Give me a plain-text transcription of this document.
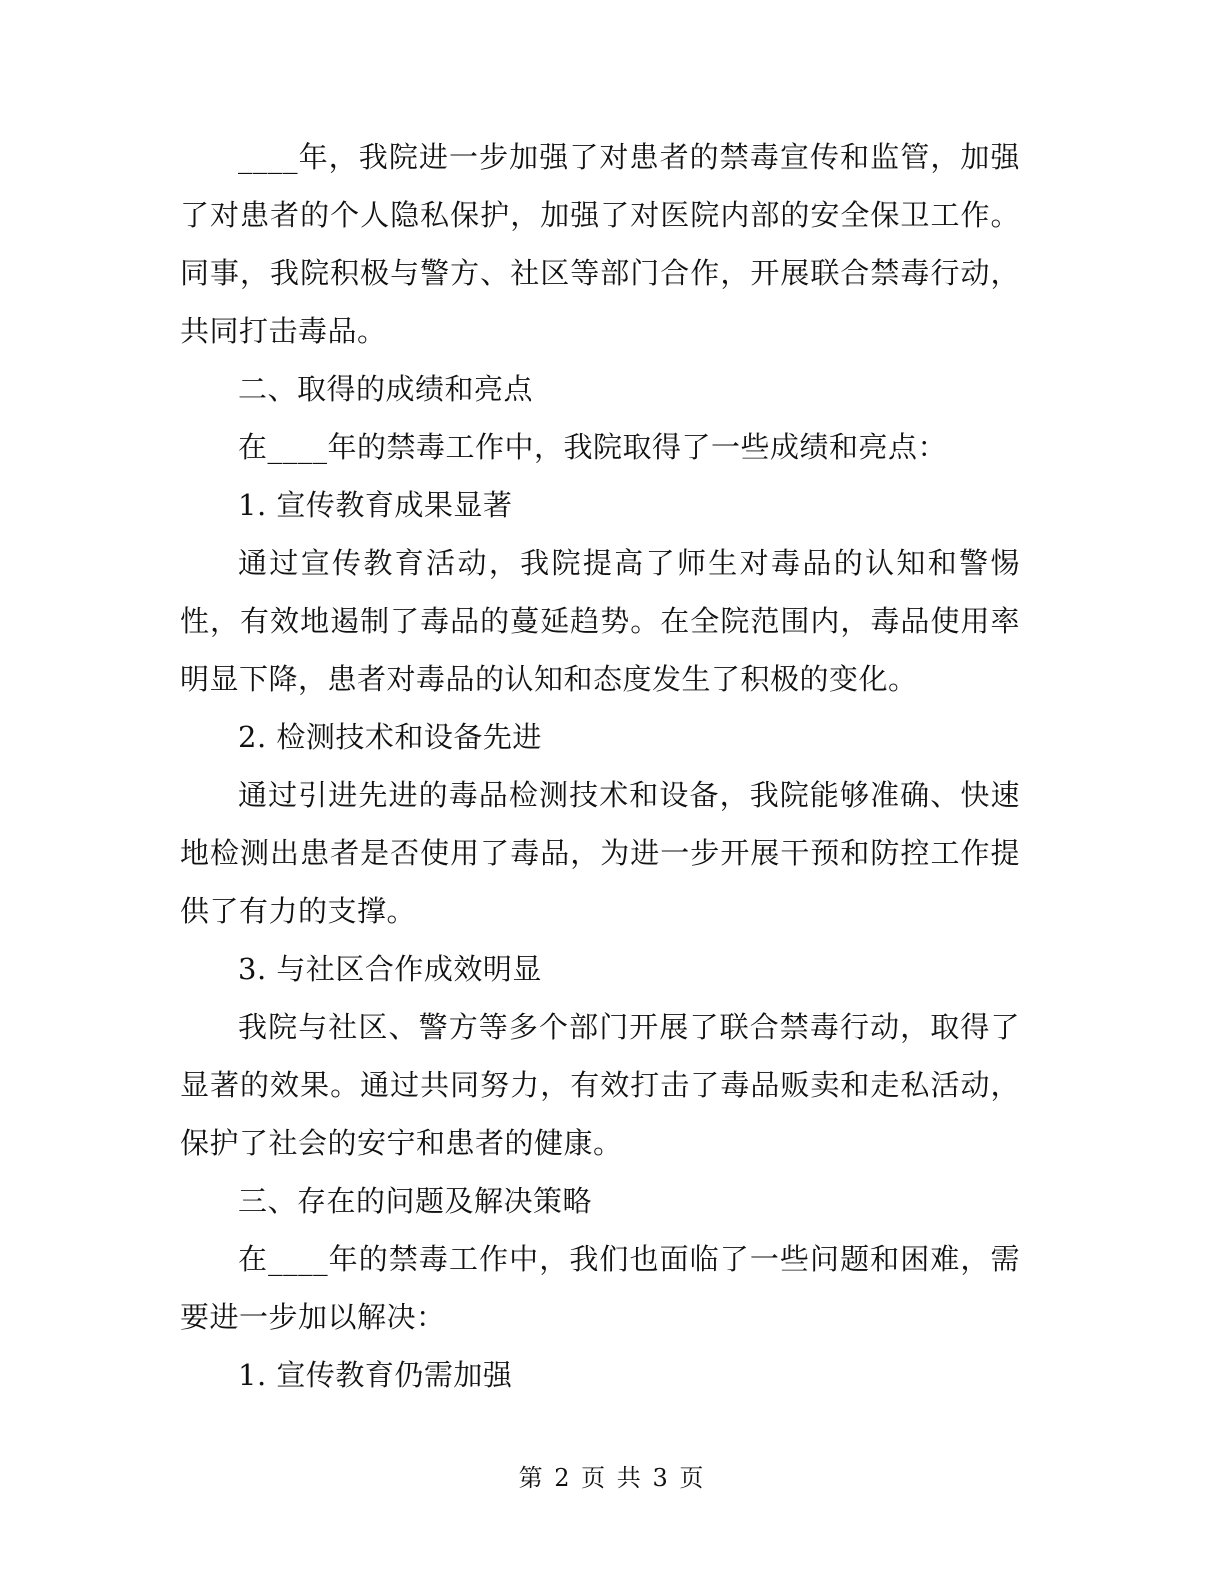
____年，我院进一步加强了对患者的禁毒宣传和监管，加强了对患者的个人隐私保护，加强了对医院内部的安全保卫工作。同事，我院积极与警方、社区等部门合作，开展联合禁毒行动，共同打击毒品。

二、取得的成绩和亮点

在____年的禁毒工作中，我院取得了一些成绩和亮点：

1. 宣传教育成果显著

通过宣传教育活动，我院提高了师生对毒品的认知和警惕性，有效地遏制了毒品的蔓延趋势。在全院范围内，毒品使用率明显下降，患者对毒品的认知和态度发生了积极的变化。

2. 检测技术和设备先进

通过引进先进的毒品检测技术和设备，我院能够准确、快速地检测出患者是否使用了毒品，为进一步开展干预和防控工作提供了有力的支撑。

3. 与社区合作成效明显

我院与社区、警方等多个部门开展了联合禁毒行动，取得了显著的效果。通过共同努力，有效打击了毒品贩卖和走私活动，保护了社会的安宁和患者的健康。

三、存在的问题及解决策略

在____年的禁毒工作中，我们也面临了一些问题和困难，需要进一步加以解决：

1. 宣传教育仍需加强

第 2 页 共 3 页
